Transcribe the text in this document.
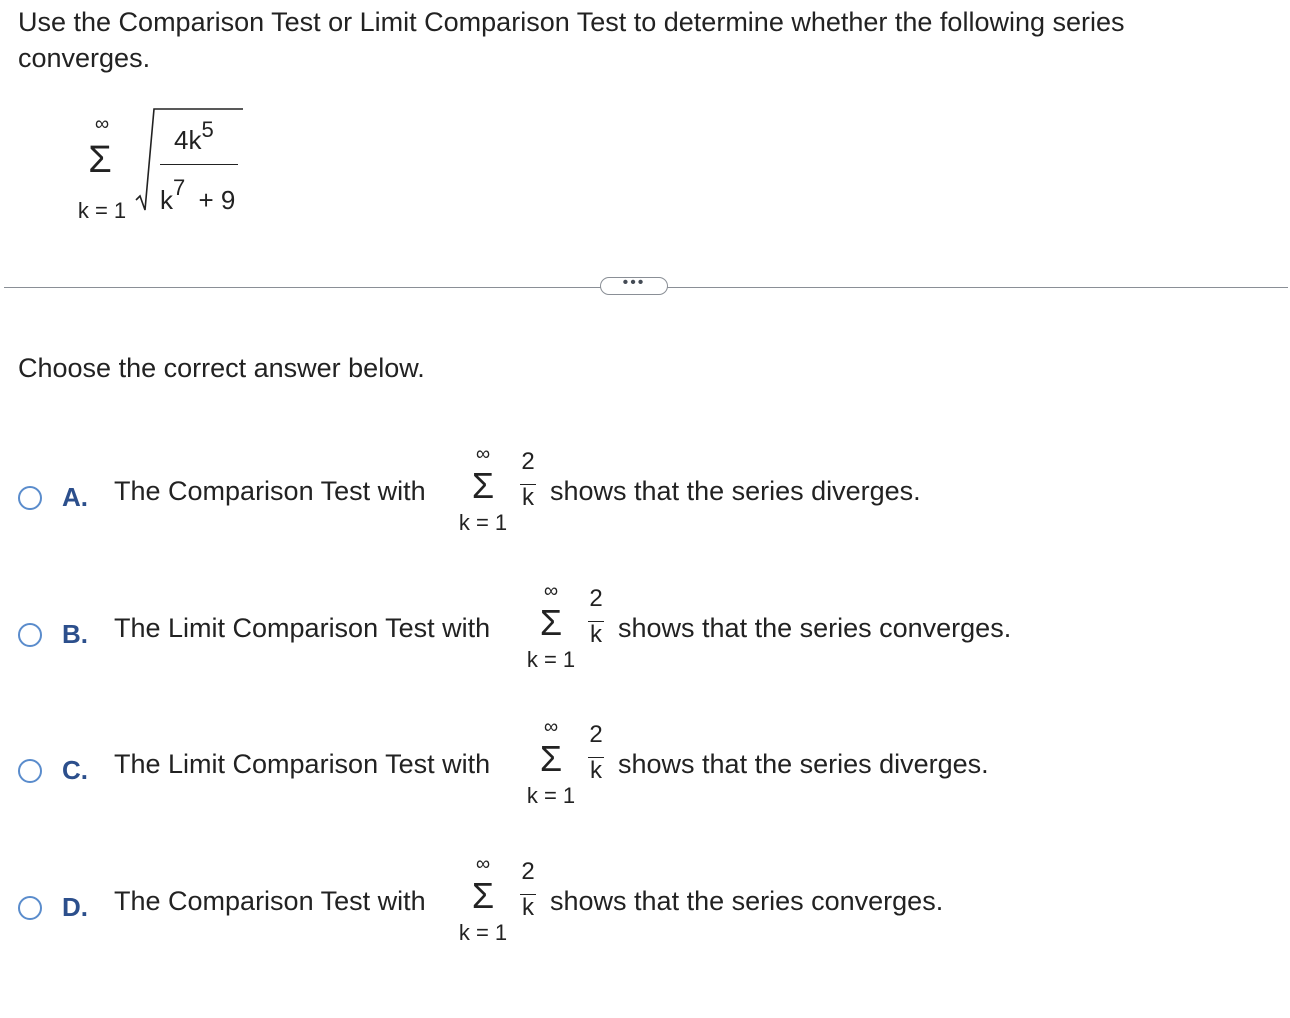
Use the Comparison Test or Limit Comparison Test to determine whether the following series converges.

∞
Σ
k = 1
$4k^5$
$k^7 + 9$
•••

Choose the correct answer below.

A. The Comparison Test with
∞
Σ
k = 1
2
k shows that the series diverges.
B. The Limit Comparison Test with
∞
Σ
k = 1
2
k shows that the series converges.
C. The Limit Comparison Test with
∞
Σ
k = 1
2
k shows that the series diverges.
D. The Comparison Test with
∞
Σ
k = 1
2
k shows that the series converges.
